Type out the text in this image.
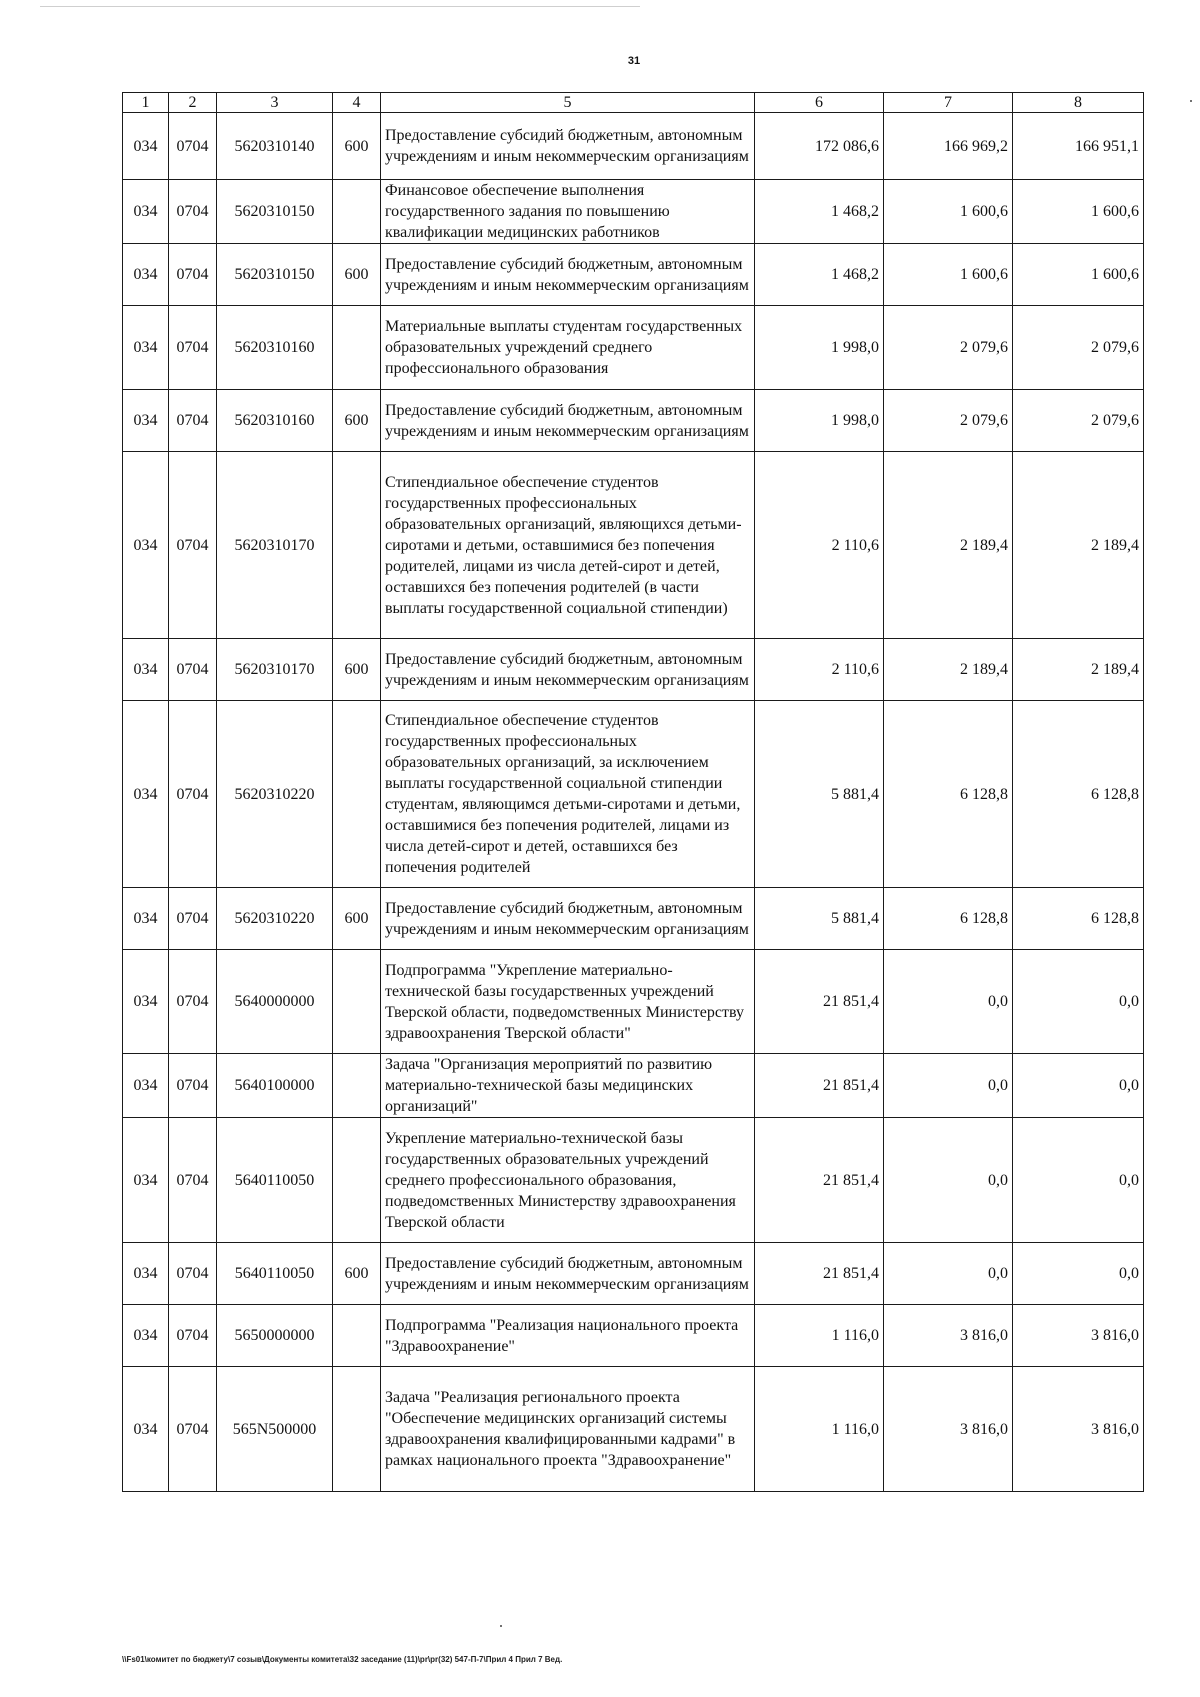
31
1	2	3	4	5	6	7	8
034	0704	5620310140	600	Предоставление субсидий бюджетным, автономным учреждениям и иным некоммерческим организациям	172 086,6	166 969,2	166 951,1
034	0704	5620310150		Финансовое обеспечение выполнения государственного задания по повышению квалификации медицинских работников	1 468,2	1 600,6	1 600,6
034	0704	5620310150	600	Предоставление субсидий бюджетным, автономным учреждениям и иным некоммерческим организациям	1 468,2	1 600,6	1 600,6
034	0704	5620310160		Материальные выплаты студентам государственных образовательных учреждений среднего профессионального образования	1 998,0	2 079,6	2 079,6
034	0704	5620310160	600	Предоставление субсидий бюджетным, автономным учреждениям и иным некоммерческим организациям	1 998,0	2 079,6	2 079,6
034	0704	5620310170		Стипендиальное обеспечение студентов государственных профессиональных образовательных организаций, являющихся детьми-сиротами и детьми, оставшимися без попечения родителей, лицами из числа детей-сирот и детей, оставшихся без попечения родителей (в части выплаты государственной социальной стипендии)	2 110,6	2 189,4	2 189,4
034	0704	5620310170	600	Предоставление субсидий бюджетным, автономным учреждениям и иным некоммерческим организациям	2 110,6	2 189,4	2 189,4
034	0704	5620310220		Стипендиальное обеспечение студентов государственных профессиональных образовательных организаций, за исключением выплаты государственной социальной стипендии студентам, являющимся детьми-сиротами и детьми, оставшимися без попечения родителей, лицами из числа детей-сирот и детей, оставшихся без попечения родителей	5 881,4	6 128,8	6 128,8
034	0704	5620310220	600	Предоставление субсидий бюджетным, автономным учреждениям и иным некоммерческим организациям	5 881,4	6 128,8	6 128,8
034	0704	5640000000		Подпрограмма "Укрепление материально-технической базы государственных учреждений Тверской области, подведомственных Министерству здравоохранения Тверской области"	21 851,4	0,0	0,0
034	0704	5640100000		Задача "Организация мероприятий по развитию материально-технической базы медицинских организаций"	21 851,4	0,0	0,0
034	0704	5640110050		Укрепление материально-технической базы государственных образовательных учреждений среднего профессионального образования, подведомственных Министерству здравоохранения Тверской области	21 851,4	0,0	0,0
034	0704	5640110050	600	Предоставление субсидий бюджетным, автономным учреждениям и иным некоммерческим организациям	21 851,4	0,0	0,0
034	0704	5650000000		Подпрограмма "Реализация национального проекта "Здравоохранение"	1 116,0	3 816,0	3 816,0
034	0704	565N500000		Задача "Реализация регионального проекта "Обеспечение медицинских организаций системы здравоохранения квалифицированными кадрами" в рамках национального проекта "Здравоохранение"	1 116,0	3 816,0	3 816,0
\\Fs01\комитет по бюджету\7 созыв\Документы комитета\32 заседание (11)\pr\pr(32) 547-П-7\Прил 4 Прил 7 Вед.
